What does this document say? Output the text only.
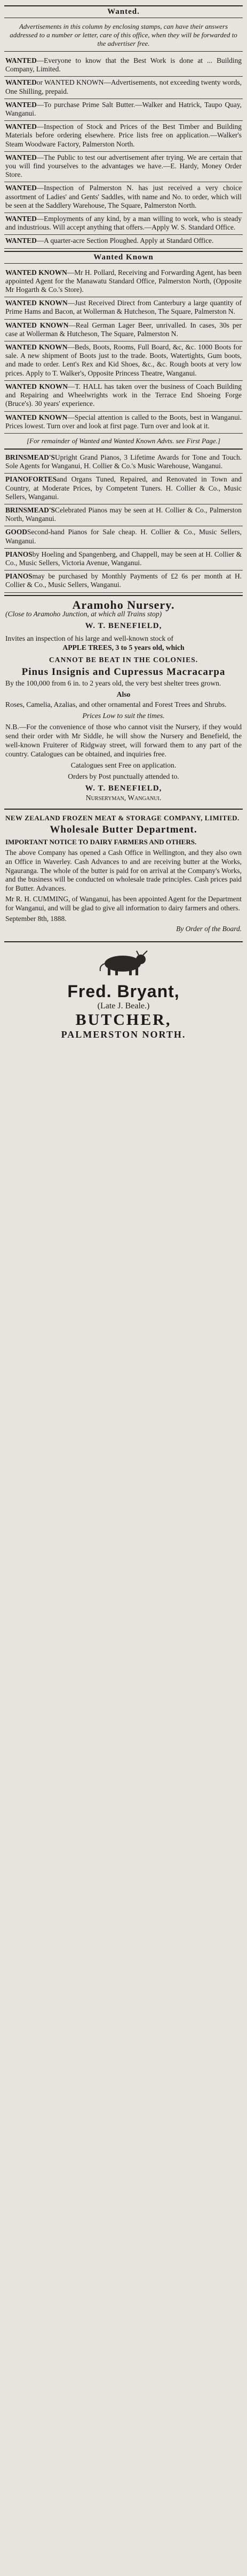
Wanted.
Advertisements in this column by enclosing stamps, can have their answers addressed to a number or letter, care of this office, when they will be forwarded to the advertiser free.
WANTED—Everyone to know that the Best Work is done at ... Building Company, Limited.
WANTEDor WANTED KNOWN—Advertisements, not exceeding twenty words, One Shilling, prepaid.
WANTED—To purchase Prime Salt Butter.—Walker and Hatrick, Taupo Quay, Wanganui.
WANTED—Inspection of Stock and Prices of the Best Timber and Building Materials before ordering elsewhere. Price lists free on application.—Walker's Steam Woodware Factory, Palmerston North.
WANTED—The Public to test our advertisement after trying. We are certain that you will find yourselves to the advantages we have.—E. Hardy, Money Order Store.
WANTED—Inspection of Palmerston N. has just received a very choice assortment of Ladies' and Gents' Saddles, with name and No. to order, which will be seen at the Saddlery Warehouse, The Square, Palmerston North.
WANTED—Employments of any kind, by a man willing to work, who is steady and industrious. Will accept anything that offers.—Apply W. S. Standard Office.
WANTED—A quarter-acre Section Ploughed. Apply at Standard Office.
Wanted Known
WANTED KNOWN—Mr H. Pollard, Receiving and Forwarding Agent, has been appointed Agent for the Manawatu Standard Office, Palmerston North, (Opposite Mr Hogarth & Co.'s Store).
WANTED KNOWN—Just Received Direct from Canterbury a large quantity of Prime Hams and Bacon, at Wollerman & Hutcheson, The Square, Palmerston N.
WANTED KNOWN—Real German Lager Beer, unrivalled. In cases, 30s per case at Wollerman & Hutcheson, The Square, Palmerston N.
WANTED KNOWN—Beds, Boots, Rooms, Full Board, &c, &c. 1000 Boots for sale. A new shipment of Boots just to the trade. Boots, Watertights, Gum boots, and made to order. Lent's Rex and Kid Shoes, &c., &c. Rough boots at very low prices. Apply to T. Walker's, Opposite Princess Theatre, Wanganui.
WANTED KNOWN—T. HALL has taken over the business of Coach Building and Repairing and Wheelwrights work in the Terrace End Shoeing Forge (Bruce's). 30 years' experience.
WANTED KNOWN—Special attention is called to the Boots, best in Wanganui. Prices lowest. Turn over and look at first page. Turn over and look at it.
[For remainder of Wanted and Wanted Known Advts. see First Page.]
BRINSMEAD'SUpright Grand Pianos, 3 Lifetime Awards for Tone and Touch. Sole Agents for Wanganui, H. Collier & Co.'s Music Warehouse, Wanganui.
PIANOFORTESand Organs Tuned, Repaired, and Renovated in Town and Country, at Moderate Prices, by Competent Tuners. H. Collier & Co., Music Sellers, Wanganui.
BRINSMEAD'SCelebrated Pianos may be seen at H. Collier & Co., Palmerston North, Wanganui.
GOODSecond-hand Pianos for Sale cheap. H. Collier & Co., Music Sellers, Wanganui.
PIANOSby Hoeling and Spangenberg, and Chappell, may be seen at H. Collier & Co., Music Sellers, Victoria Avenue, Wanganui.
PIANOSmay be purchased by Monthly Payments of £2 6s per month at H. Collier & Co., Music Sellers, Wanganui.
Aramoho Nursery.
(Close to Aramoho Junction, at which all Trains stop)
W. T. BENEFIELD,

Invites an inspection of his large and well-known stock of

APPLE TREES, 3 to 5 years old, which

CANNOT BE BEAT IN THE COLONIES.

Pinus Insignis and Cupressus Macracarpa

By the 100,000 from 6 in. to 2 years old, the very best shelter trees grown.

Also

Roses, Camelia, Azalias, and other ornamental and Forest Trees and Shrubs.

Prices Low to suit the times.

N.B.—For the convenience of those who cannot visit the Nursery, if they would send their order with Mr Siddle, he will show the Nursery and Benefield, the well-known Fruiterer of Ridgway street, will forward them to any part of the country. Catalogues can be obtained, and inquiries free.

Catalogues sent Free on application.

Orders by Post punctually attended to.

W. T. BENEFIELD,
Nurseryman, Wanganui.
NEW ZEALAND FROZEN MEAT & STORAGE COMPANY, LIMITED.
Wholesale Butter Department.
IMPORTANT NOTICE TO DAIRY FARMERS AND OTHERS.

The above Company has opened a Cash Office in Wellington, and they also own an Office in Waverley. Cash Advances to and are receiving butter at the Works, Ngauranga. The whole of the butter is paid for on arrival at the Company's Works, and the business will be conducted on wholesale trade principles. Cash prices paid for Butter. Advances.

Mr R. H. CUMMING, of Wanganui, has been appointed Agent for the Department for Wanganui, and will be glad to give all information to dairy farmers and others.

September 8th, 1888.

By Order of the Board.

Fred. Bryant,
(Late J. Beale.)
BUTCHER,
PALMERSTON NORTH.
